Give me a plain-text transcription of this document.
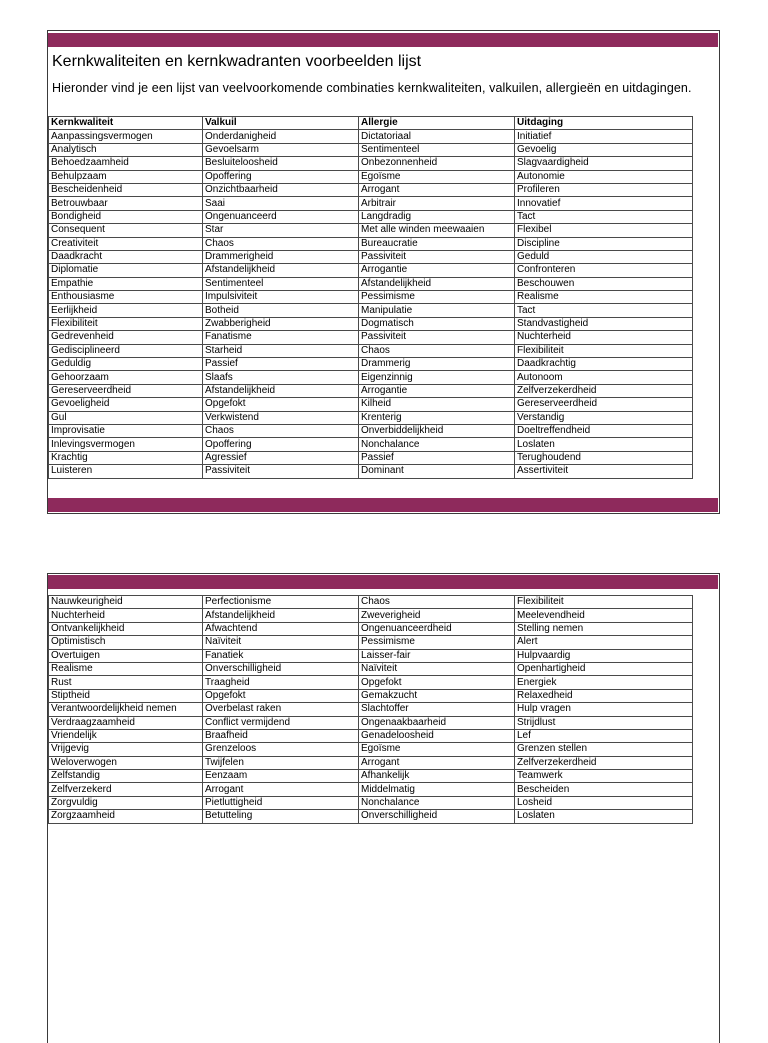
Kernkwaliteiten en kernkwadranten voorbeelden lijst
Hieronder vind je een lijst van veelvoorkomende combinaties kernkwaliteiten, valkuilen, allergieën en uitdagingen.
Kernkwaliteit	Valkuil	Allergie	Uitdaging
Aanpassingsvermogen	Onderdanigheid	Dictatoriaal	Initiatief
Analytisch	Gevoelsarm	Sentimenteel	Gevoelig
Behoedzaamheid	Besluiteloosheid	Onbezonnenheid	Slagvaardigheid
Behulpzaam	Opoffering	Egoïsme	Autonomie
Bescheidenheid	Onzichtbaarheid	Arrogant	Profileren
Betrouwbaar	Saai	Arbitrair	Innovatief
Bondigheid	Ongenuanceerd	Langdradig	Tact
Consequent	Star	Met alle winden meewaaien	Flexibel
Creativiteit	Chaos	Bureaucratie	Discipline
Daadkracht	Drammerigheid	Passiviteit	Geduld
Diplomatie	Afstandelijkheid	Arrogantie	Confronteren
Empathie	Sentimenteel	Afstandelijkheid	Beschouwen
Enthousiasme	Impulsiviteit	Pessimisme	Realisme
Eerlijkheid	Botheid	Manipulatie	Tact
Flexibiliteit	Zwabberigheid	Dogmatisch	Standvastigheid
Gedrevenheid	Fanatisme	Passiviteit	Nuchterheid
Gedisciplineerd	Starheid	Chaos	Flexibiliteit
Geduldig	Passief	Drammerig	Daadkrachtig
Gehoorzaam	Slaafs	Eigenzinnig	Autonoom
Gereserveerdheid	Afstandelijkheid	Arrogantie	Zelfverzekerdheid
Gevoeligheid	Opgefokt	Kilheid	Gereserveerdheid
Gul	Verkwistend	Krenterig	Verstandig
Improvisatie	Chaos	Onverbiddelijkheid	Doeltreffendheid
Inlevingsvermogen	Opoffering	Nonchalance	Loslaten
Krachtig	Agressief	Passief	Terughoudend
Luisteren	Passiviteit	Dominant	Assertiviteit
Nauwkeurigheid	Perfectionisme	Chaos	Flexibiliteit
Nuchterheid	Afstandelijkheid	Zweverigheid	Meelevendheid
Ontvankelijkheid	Afwachtend	Ongenuanceerdheid	Stelling nemen
Optimistisch	Naïviteit	Pessimisme	Alert
Overtuigen	Fanatiek	Laisser-fair	Hulpvaardig
Realisme	Onverschilligheid	Naïviteit	Openhartigheid
Rust	Traagheid	Opgefokt	Energiek
Stiptheid	Opgefokt	Gemakzucht	Relaxedheid
Verantwoordelijkheid nemen	Overbelast raken	Slachtoffer	Hulp vragen
Verdraagzaamheid	Conflict vermijdend	Ongenaakbaarheid	Strijdlust
Vriendelijk	Braafheid	Genadeloosheid	Lef
Vrijgevig	Grenzeloos	Egoïsme	Grenzen stellen
Weloverwogen	Twijfelen	Arrogant	Zelfverzekerdheid
Zelfstandig	Eenzaam	Afhankelijk	Teamwerk
Zelfverzekerd	Arrogant	Middelmatig	Bescheiden
Zorgvuldig	Pietluttigheid	Nonchalance	Losheid
Zorgzaamheid	Betutteling	Onverschilligheid	Loslaten
